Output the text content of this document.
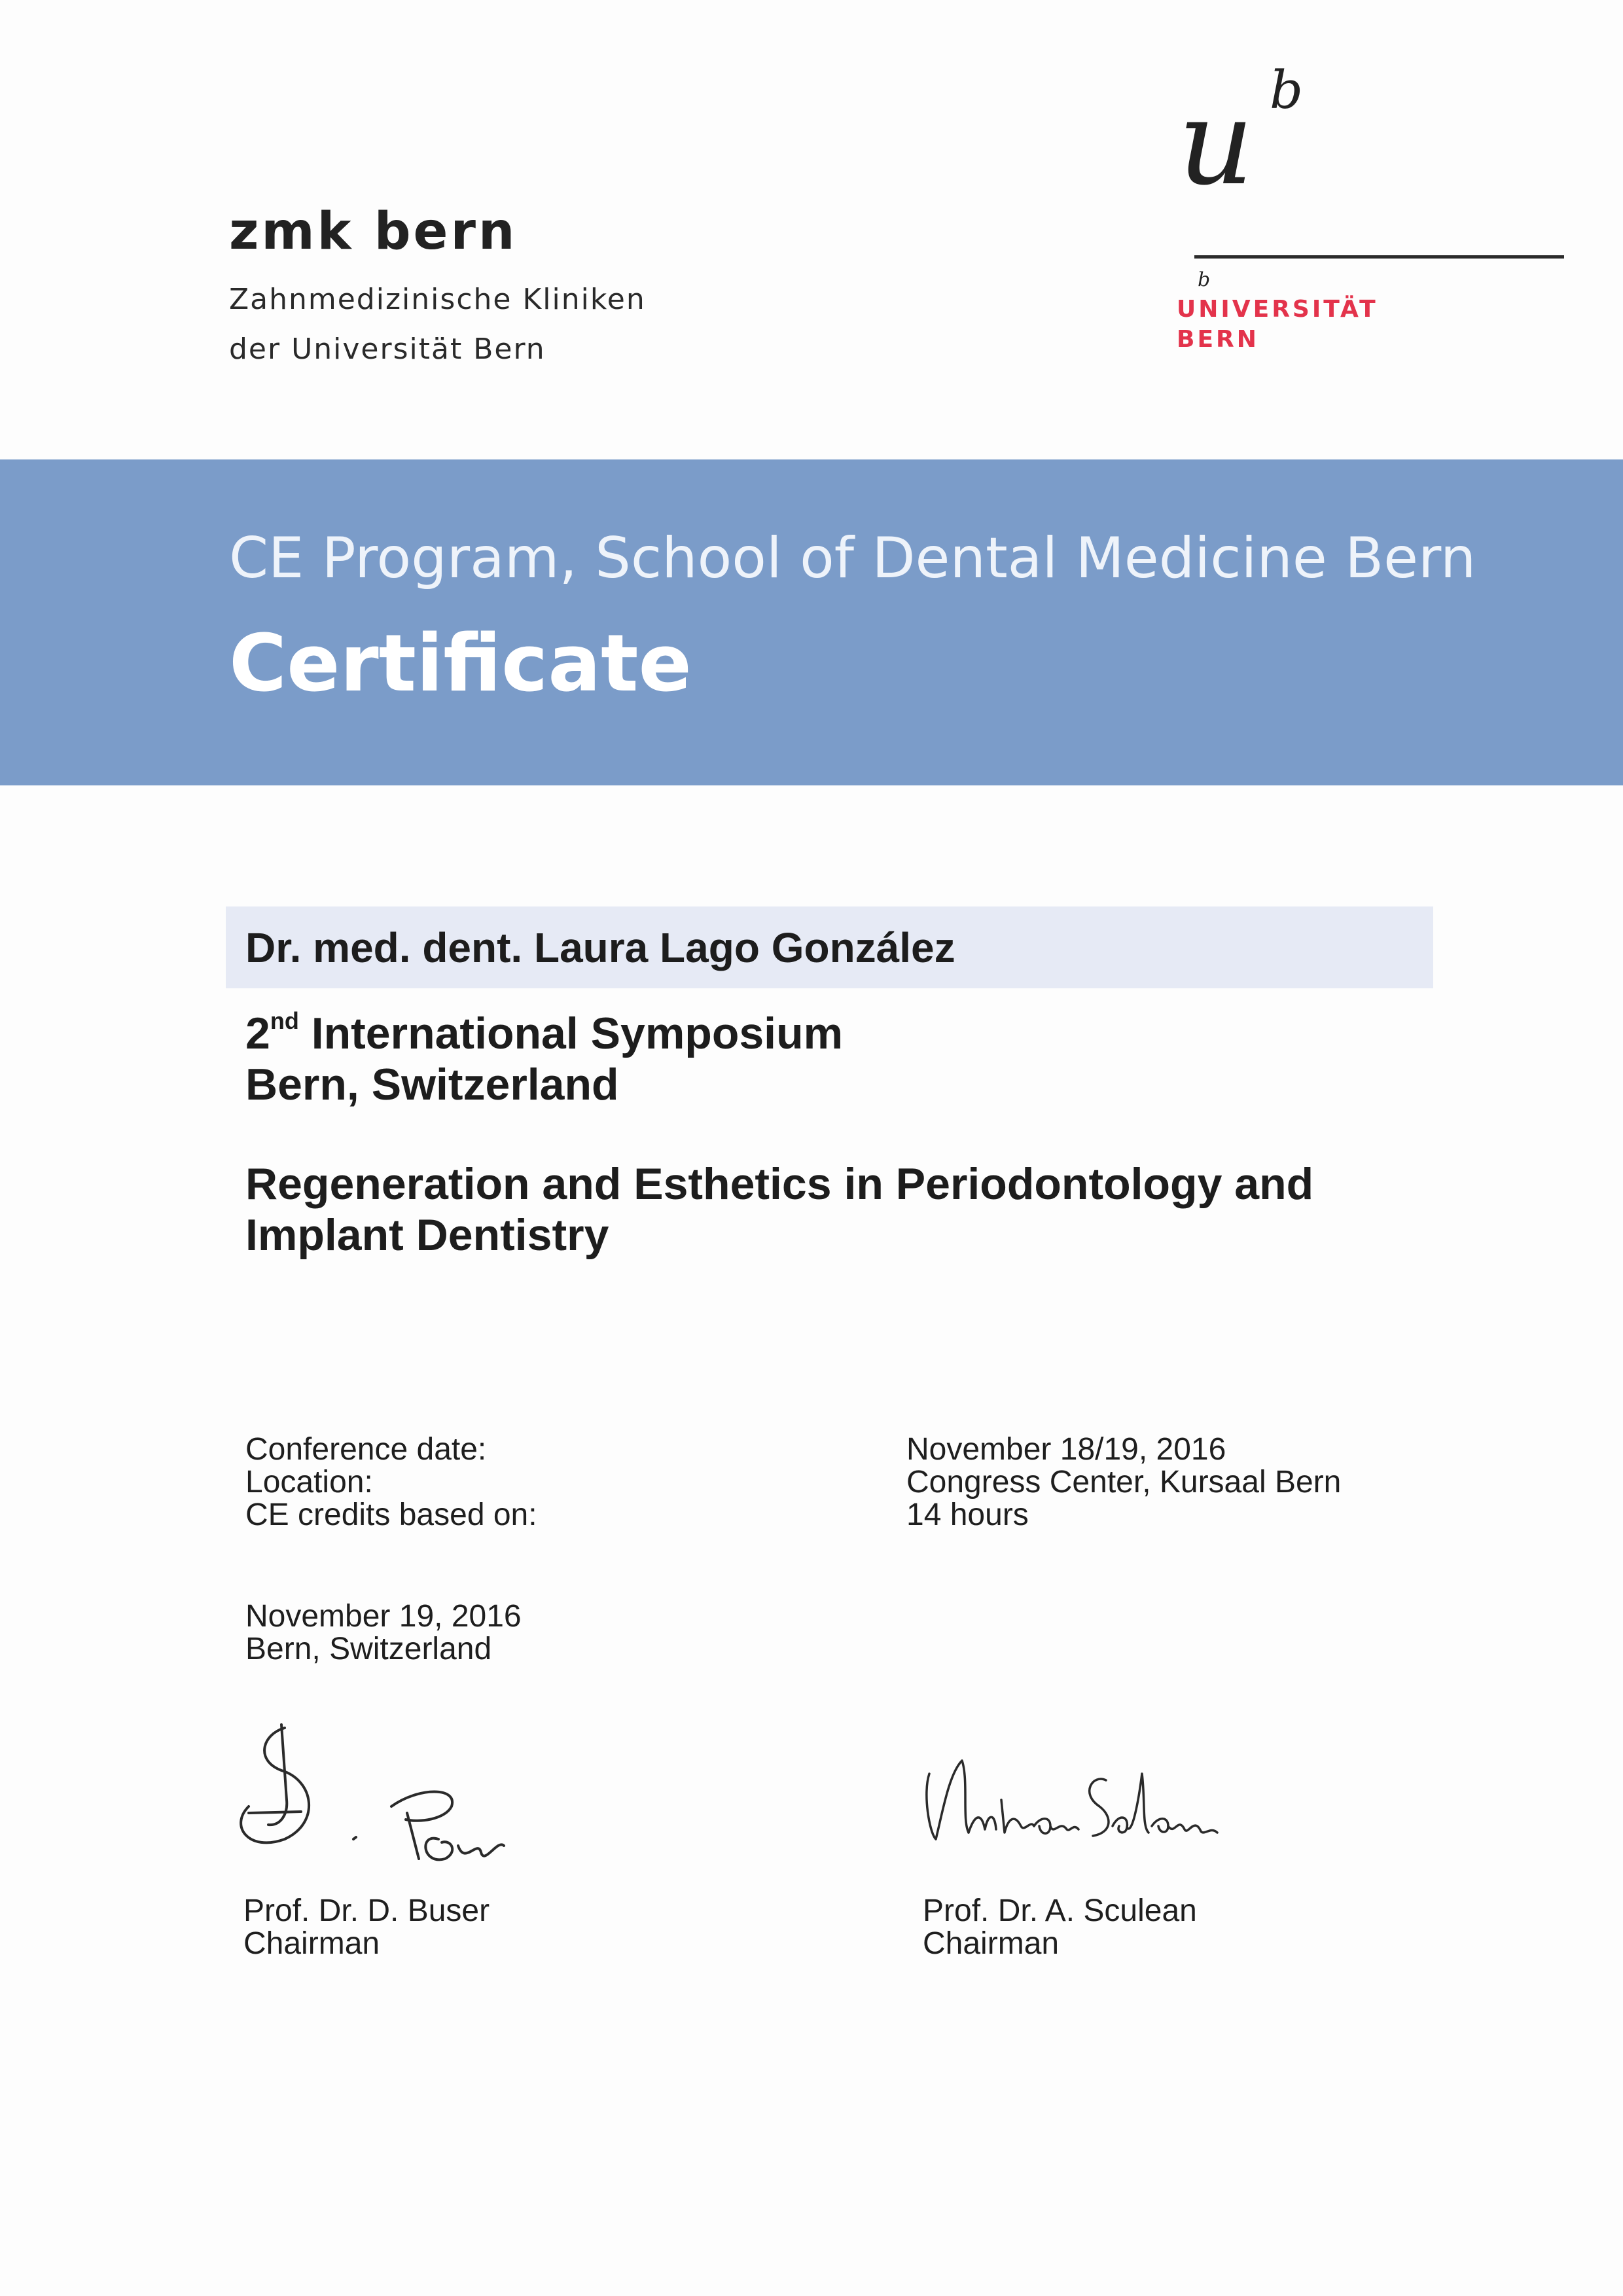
zmk bern
Zahnmedizinische Kliniken
der Universität Bern
u b
b
UNIVERSITÄT
BERN
CE Program, School of Dental Medicine Bern
Certificate
Dr. med. dent. Laura Lago González
2nd International Symposium
Bern, Switzerland
Regeneration and Esthetics in Periodontology and Implant Dentistry
Conference date:
Location:
CE credits based on:
November 18/19, 2016
Congress Center, Kursaal Bern
14 hours
November 19, 2016
Bern, Switzerland
Prof. Dr. D. Buser
Chairman
Prof. Dr. A. Sculean
Chairman
